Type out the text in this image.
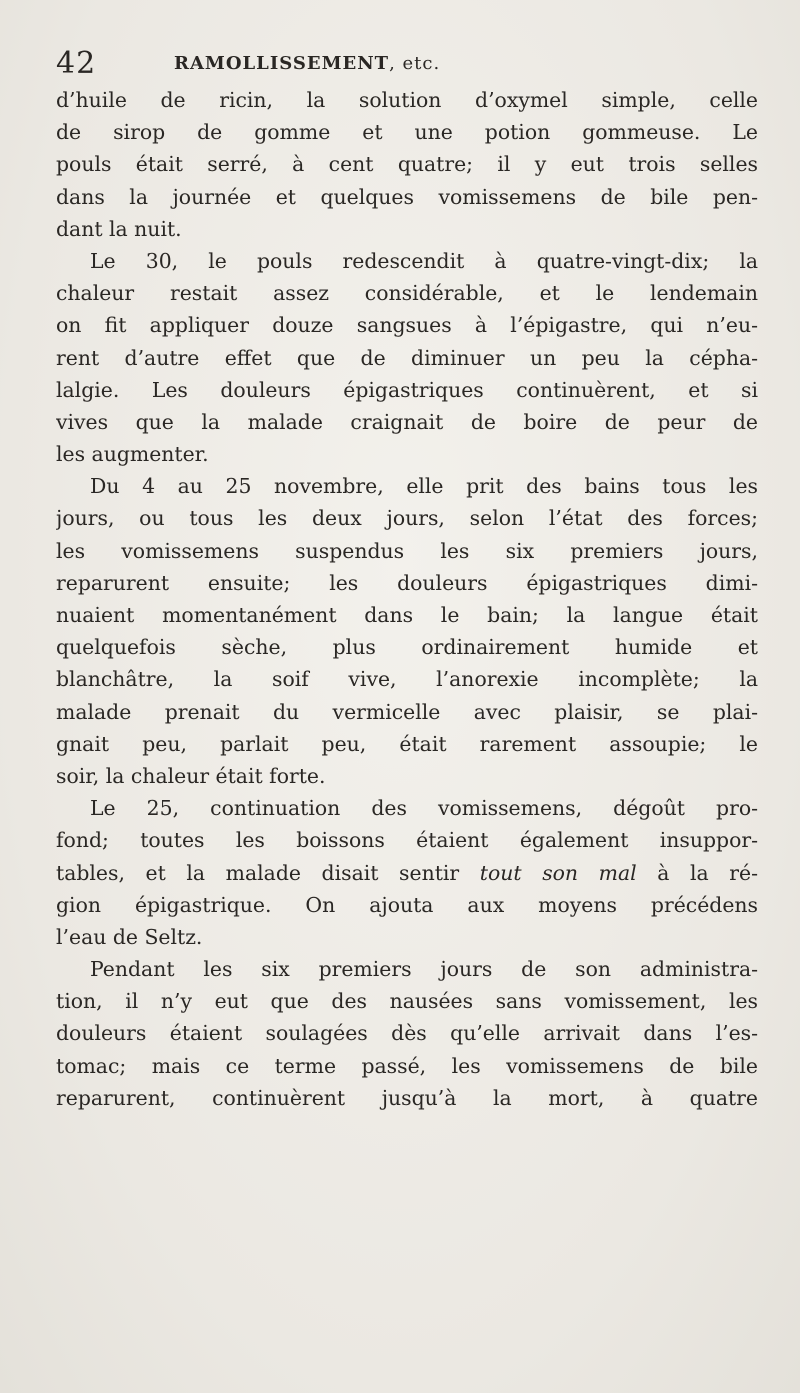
42	RAMOLLISSEMENT, etc.
d’huile de ricin, la solution d’oxymel simple, celle
de sirop de gomme et une potion gommeuse. Le
pouls était serré, à cent quatre; il y eut trois selles
dans la journée et quelques vomissemens de bile pen-
dant la nuit.
Le 30, le pouls redescendit à quatre-vingt-dix; la
chaleur restait assez considérable, et le lendemain
on fit appliquer douze sangsues à l’épigastre, qui n’eu-
rent d’autre effet que de diminuer un peu la cépha-
lalgie. Les douleurs épigastriques continuèrent, et si
vives que la malade craignait de boire de peur de
les augmenter.
Du 4 au 25 novembre, elle prit des bains tous les
jours, ou tous les deux jours, selon l’état des forces;
les vomissemens suspendus les six premiers jours,
reparurent ensuite; les douleurs épigastriques dimi-
nuaient momentanément dans le bain; la langue était
quelquefois sèche, plus ordinairement humide et
blanchâtre, la soif vive, l’anorexie incomplète; la
malade prenait du vermicelle avec plaisir, se plai-
gnait peu, parlait peu, était rarement assoupie; le
soir, la chaleur était forte.
Le 25, continuation des vomissemens, dégoût pro-
fond; toutes les boissons étaient également insuppor-
tables, et la malade disait sentir tout son mal à la ré-
gion épigastrique. On ajouta aux moyens précédens
l’eau de Seltz.
Pendant les six premiers jours de son administra-
tion, il n’y eut que des nausées sans vomissement, les
douleurs étaient soulagées dès qu’elle arrivait dans l’es-
tomac; mais ce terme passé, les vomissemens de bile
reparurent, continuèrent jusqu’à la mort, à quatre
